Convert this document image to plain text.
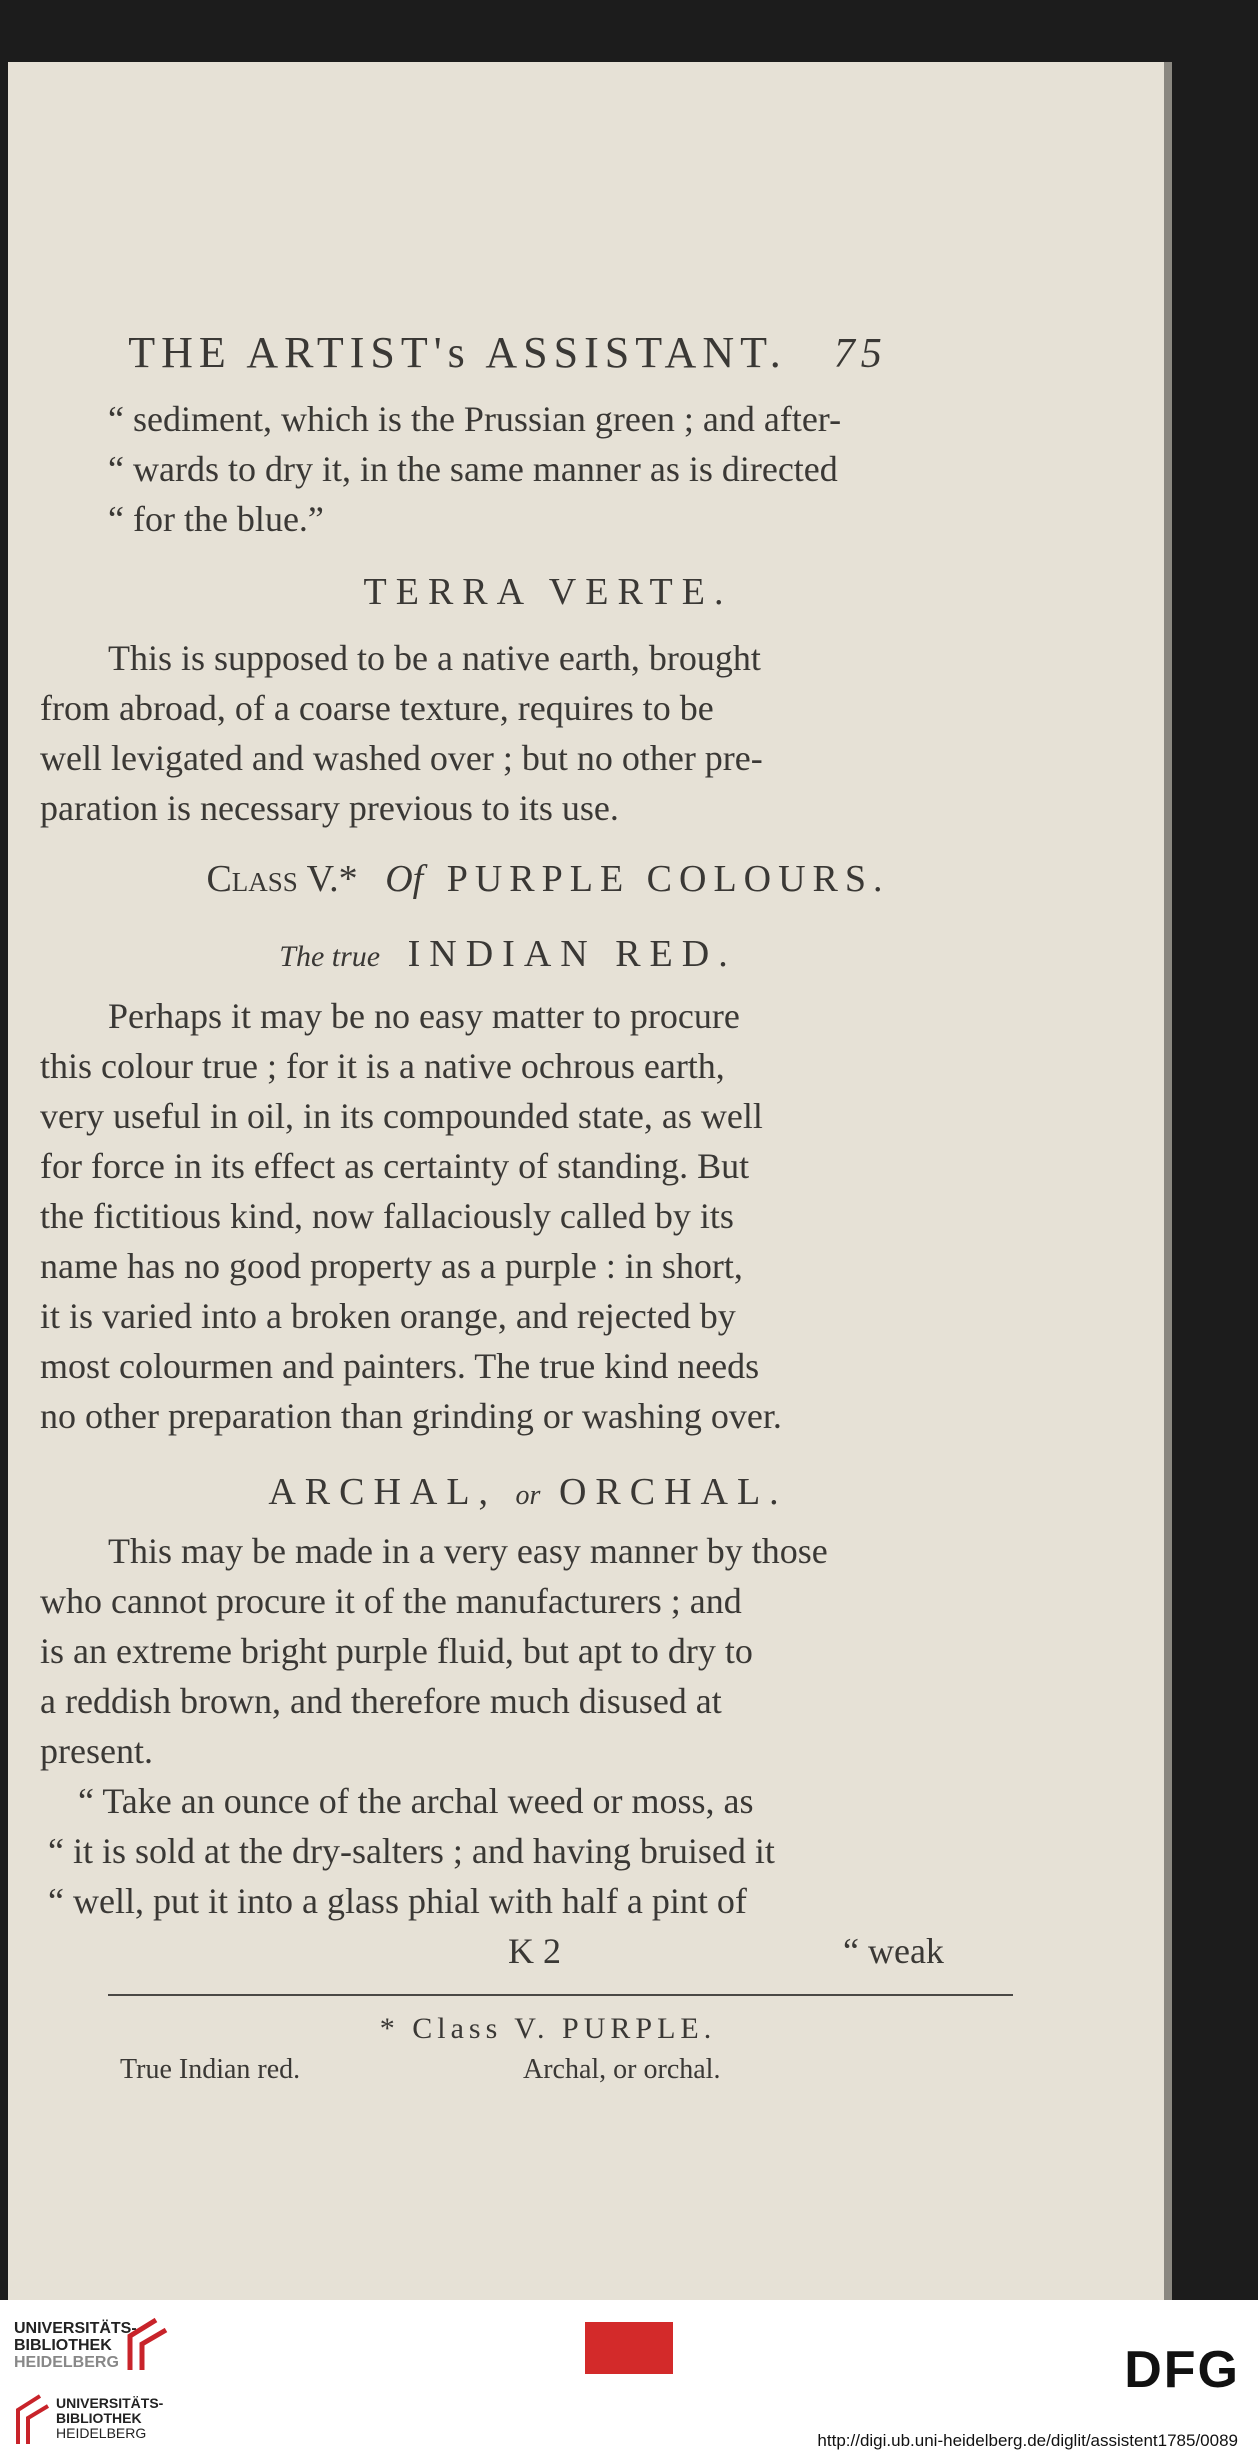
THE ARTIST's ASSISTANT. 75
“ sediment, which is the Prussian green ; and after-
“ wards to dry it, in the same manner as is directed
“ for the blue.”
TERRA VERTE.
This is supposed to be a native earth, brought
from abroad, of a coarse texture, requires to be
well levigated and washed over ; but no other pre-
paration is necessary previous to its use.
Class V.* Of PURPLE COLOURS.
The true INDIAN RED.
Perhaps it may be no easy matter to procure
this colour true ; for it is a native ochrous earth,
very useful in oil, in its compounded state, as well
for force in its effect as certainty of standing. But
the fictitious kind, now fallaciously called by its
name has no good property as a purple : in short,
it is varied into a broken orange, and rejected by
most colourmen and painters. The true kind needs
no other preparation than grinding or washing over.
ARCHAL, or ORCHAL.
This may be made in a very easy manner by those
who cannot procure it of the manufacturers ; and
is an extreme bright purple fluid, but apt to dry to
a reddish brown, and therefore much disused at
present.
“ Take an ounce of the archal weed or moss, as
“ it is sold at the dry-salters ; and having bruised it
“ well, put it into a glass phial with half a pint of
K 2	“ weak
* Class V. PURPLE.
True Indian red.	Archal, or orchal.
UNIVERSITÄTS-
BIBLIOTHEK
HEIDELBERG
UNIVERSITÄTS-
BIBLIOTHEK
HEIDELBERG
DFG
http://digi.ub.uni-heidelberg.de/diglit/assistent1785/0089
